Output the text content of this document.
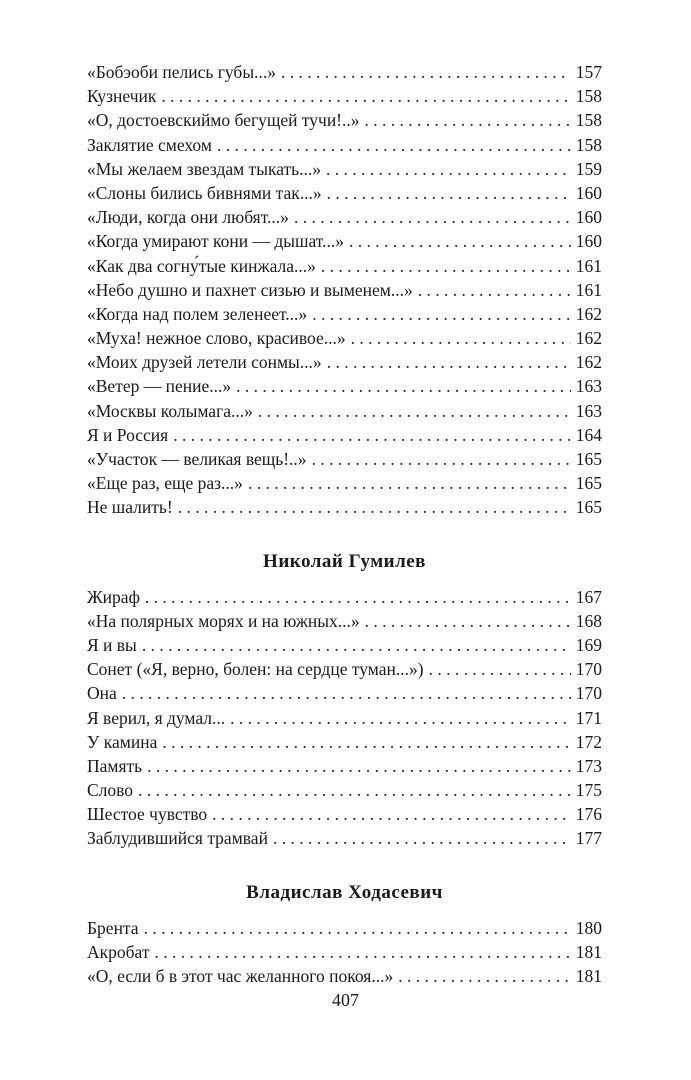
«Бобэоби пелись губы...» . . .	157
Кузнечик . . .	158
«О, достоевскиймо бегущей тучи!..» . . .	158
Заклятие смехом . . .	158
«Мы желаем звездам тыкать...» . . .	159
«Слоны бились бивнями так...» . . .	160
«Люди, когда они любят...» . . .	160
«Когда умирают кони — дышат...» . . .	160
«Как два согну́тые кинжала...» . . .	161
«Небо душно и пахнет сизью и выменем...» . . .	161
«Когда над полем зеленеет...» . . .	162
«Муха! нежное слово, красивое...» . . .	162
«Моих друзей летели сонмы...» . . .	162
«Ветер — пение...» . . .	163
«Москвы колымага...» . . .	163
Я и Россия . . .	164
«Участок — великая вещь!..» . . .	165
«Еще раз, еще раз...» . . .	165
Не шалить! . . .	165
Николай Гумилев
Жираф . . .	167
«На полярных морях и на южных...» . . .	168
Я и вы . . .	169
Сонет («Я, верно, болен: на сердце туман...») . . .	170
Она . . .	170
Я верил, я думал... . . .	171
У камина . . .	172
Память . . .	173
Слово . . .	175
Шестое чувство . . .	176
Заблудившийся трамвай . . .	177
Владислав Ходасевич
Брента . . .	180
Акробат . . .	181
«О, если б в этот час желанного покоя...» . . .	181
407
